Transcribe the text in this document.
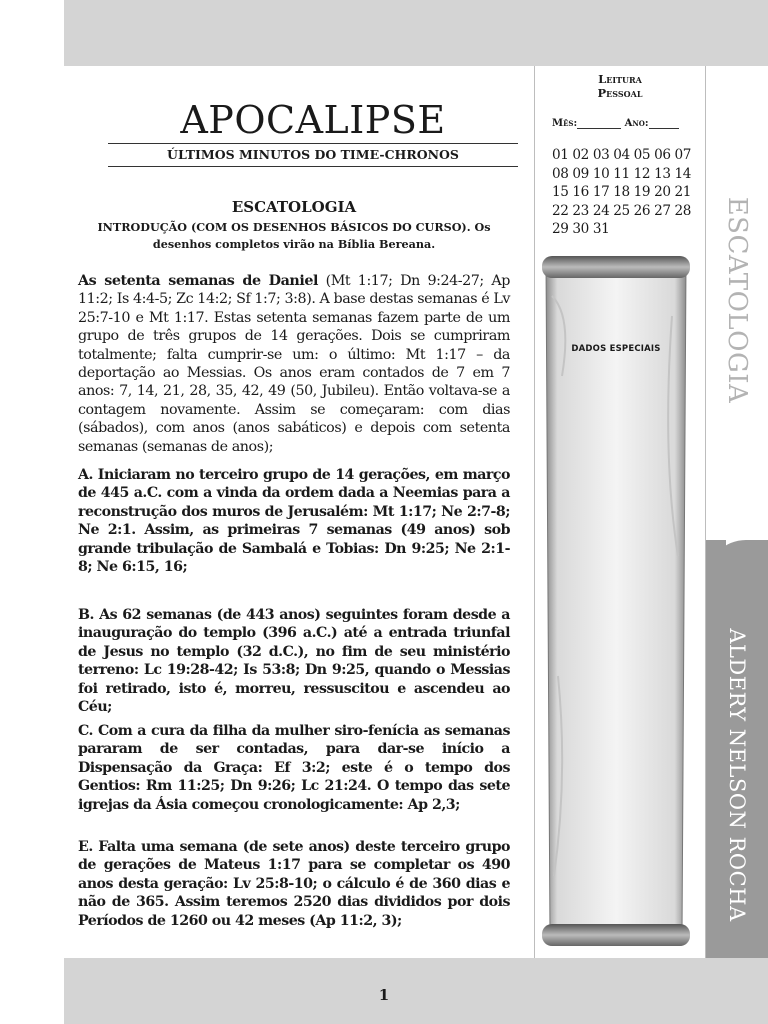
1
ESCATOLOGIA
ALDERY NELSON ROCHA
APOCALIPSE
ÚLTIMOS MINUTOS DO TIME-CHRONOS
ESCATOLOGIA
INTRODUÇÃO (COM OS DESENHOS BÁSICOS DO CURSO). Os desenhos completos virão na Bíblia Bereana.
As setenta semanas de Daniel (Mt 1:17; Dn 9:24-27; Ap 11:2; Is 4:4-5; Zc 14:2; Sf 1:7; 3:8). A base destas semanas é Lv 25:7-10 e Mt 1:17. Estas setenta semanas fazem parte de um grupo de três grupos de 14 gerações. Dois se cumpriram totalmente; falta cumprir-se um: o último: Mt 1:17 – da deportação ao Messias. Os anos eram contados de 7 em 7 anos: 7, 14, 21, 28, 35, 42, 49 (50, Jubileu). Então voltava-se a contagem novamente. Assim se começaram: com dias (sábados), com anos (anos sabáticos) e depois com setenta semanas (semanas de anos);
A. Iniciaram no terceiro grupo de 14 gerações, em março de 445 a.C. com a vinda da ordem dada a Neemias para a reconstrução dos muros de Jerusalém: Mt 1:17; Ne 2:7-8; Ne 2:1. Assim, as primeiras 7 semanas (49 anos) sob grande tribulação de Sambalá e Tobias: Dn 9:25; Ne 2:1-8; Ne 6:15, 16;
B. As 62 semanas (de 443 anos) seguintes foram desde a inauguração do templo (396 a.C.) até a entrada triunfal de Jesus no templo (32 d.C.), no fim de seu ministério terreno: Lc 19:28-42; Is 53:8; Dn 9:25, quando o Messias foi retirado, isto é, morreu, ressuscitou e ascendeu ao Céu;
C. Com a cura da filha da mulher siro-fenícia as semanas pararam de ser contadas, para dar-se início a Dispensação da Graça: Ef 3:2; este é o tempo dos Gentios: Rm 11:25; Dn 9:26; Lc 21:24. O tempo das sete igrejas da Ásia começou cronologicamente: Ap 2,3;
E. Falta uma semana (de sete anos) deste terceiro grupo de gerações de Mateus 1:17 para se completar os 490 anos desta geração: Lv 25:8-10; o cálculo é de 360 dias e não de 365. Assim teremos 2520 dias divididos por dois Períodos de 1260 ou 42 meses (Ap 11:2, 3);
Leitura
Pessoal
Mês:	Ano:
01 02 03 04 05 06 07 08 09 10 11 12 13 14 15 16 17 18 19 20 21 22 23 24 25 26 27 28 29 30 31
DADOS ESPECIAIS
